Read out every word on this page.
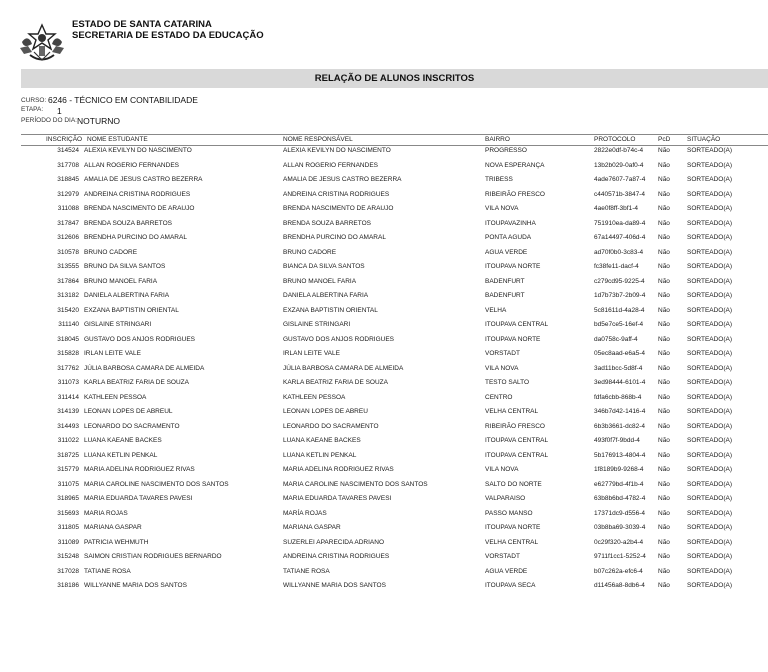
ESTADO DE SANTA CATARINA
SECRETARIA DE ESTADO DA EDUCAÇÃO
RELAÇÃO DE ALUNOS INSCRITOS
CURSO: 6246 - TÉCNICO EM CONTABILIDADE
ETAPA: 1
PERÍODO DO DIA: NOTURNO
INSCRIÇÃO NOME ESTUDANTE	NOME RESPONSÁVEL	BAIRRO	PROTOCOLO	PcD	SITUAÇÃO
314524 ALEXIA KEVILYN DO NASCIMENTO	ALEXIA KEVILYN DO NASCIMENTO	PROGRESSO	2822e0df-b74c-4 Não	SORTEADO(A)
317708 ALLAN ROGERIO FERNANDES	ALLAN ROGERIO FERNANDES	NOVA ESPERANÇA	13b2b029-0af0-4 Não	SORTEADO(A)
318845 AMALIA DE JESUS CASTRO BEZERRA	AMALIA DE JESUS CASTRO BEZERRA	TRIBESS	4ade7607-7a87-4 Não	SORTEADO(A)
312979 ANDREINA CRISTINA RODRIGUES	ANDREINA CRISTINA RODRIGUES	RIBEIRÃO FRESCO	c440571b-3847-4 Não	SORTEADO(A)
311088 BRENDA NASCIMENTO DE ARAUJO	BRENDA NASCIMENTO DE ARAUJO	VILA NOVA	4ae0f8ff-3bf1-4	Não	SORTEADO(A)
317847 BRENDA SOUZA BARRETOS	BRENDA SOUZA BARRETOS	ITOUPAVAZINHA	751910ea-da89-4 Não	SORTEADO(A)
312606 BRENDHA PURCINO DO AMARAL	BRENDHA PURCINO DO AMARAL	PONTA AGUDA	67a14497-406d-4 Não	SORTEADO(A)
310578 BRUNO CADORE	BRUNO CADORE	AGUA VERDE	ad70f0b0-3c83-4 Não	SORTEADO(A)
313555 BRUNO DA SILVA SANTOS	BIANCA DA SILVA SANTOS	ITOUPAVA NORTE	fc38fe11-dacf-4	Não	SORTEADO(A)
317864 BRUNO MANOEL FARIA	BRUNO MANOEL FARIA	BADENFURT	c279cd95-9225-4 Não	SORTEADO(A)
313182 DANIELA ALBERTINA FARIA	DANIELA ALBERTINA FARIA	BADENFURT	1d7b73b7-2b09-4 Não	SORTEADO(A)
315420 EXZANA BAPTISTIN ORIENTAL	EXZANA BAPTISTIN ORIENTAL	VELHA	5c81611d-4a28-4 Não	SORTEADO(A)
311140 GISLAINE STRINGARI	GISLAINE STRINGARI	ITOUPAVA CENTRAL	bd5e7ce5-16ef-4 Não	SORTEADO(A)
318045 GUSTAVO DOS ANJOS RODRIGUES	GUSTAVO DOS ANJOS RODRIGUES	ITOUPAVA NORTE	da0758c-9aff-4	Não	SORTEADO(A)
315828 IRLAN LEITE VALE	IRLAN LEITE VALE	VORSTADT	05ec8aad-e6a5-4 Não	SORTEADO(A)
317762 JÚLIA BARBOSA CAMARA DE ALMEIDA	JÚLIA BARBOSA CAMARA DE ALMEIDA	VILA NOVA	3ad11bcc-5d8f-4 Não	SORTEADO(A)
311073 KARLA BEATRIZ FARIA DE SOUZA	KARLA BEATRIZ FARIA DE SOUZA	TESTO SALTO	3ed98444-6101-4 Não	SORTEADO(A)
311414 KATHLEEN PESSOA	KATHLEEN PESSOA	CENTRO	fdfa6cbb-868b-4	Não	SORTEADO(A)
314139 LEONAN LOPES DE ABREUL	LEONAN LOPES DE ABREU	VELHA CENTRAL	346b7d42-1416-4 Não	SORTEADO(A)
314493 LEONARDO DO SACRAMENTO	LEONARDO DO SACRAMENTO	RIBEIRÃO FRESCO	6b3b3661-dc82-4 Não	SORTEADO(A)
311022 LUANA KAEANE BACKES	LUANA KAEANE BACKES	ITOUPAVA CENTRAL	493f0f7f-9bdd-4	Não	SORTEADO(A)
318725 LUANA KETLIN PENKAL	LUANA KETLIN PENKAL	ITOUPAVA CENTRAL	5b176913-4804-4 Não	SORTEADO(A)
315779 MARIA ADELINA RODRIGUEZ RIVAS	MARIA ADELINA RODRIGUEZ RIVAS	VILA NOVA	1f8189b9-9268-4 Não	SORTEADO(A)
311075 MARIA CAROLINE NASCIMENTO DOS SANTOS	MARIA CAROLINE NASCIMENTO DOS SANTOS	SALTO DO NORTE	e62779bd-4f1b-4 Não	SORTEADO(A)
318965 MARIA EDUARDA TAVARES PAVESI	MARIA EDUARDA TAVARES PAVESI	VALPARAISO	63b8b6bd-4782-4 Não	SORTEADO(A)
315693 MARIA ROJAS	MARÍA ROJAS	PASSO MANSO	17371dc9-d556-4 Não	SORTEADO(A)
311805 MARIANA GASPAR	MARIANA GASPAR	ITOUPAVA NORTE	03b8ba69-3039-4 Não	SORTEADO(A)
311089 PATRICIA WEHMUTH	SUZERLEI APARECIDA ADRIANO	VELHA CENTRAL	0c29f320-a2b4-4 Não	SORTEADO(A)
315248 SAIMON CRISTIAN RODRIGUES BERNARDO	ANDREINA CRISTINA RODRIGUES	VORSTADT	9711f1cc1-5252-4 Não	SORTEADO(A)
317028 TATIANE ROSA	TATIANE ROSA	AGUA VERDE	b07c262a-efc6-4 Não	SORTEADO(A)
318186 WILLYANNE MARIA DOS SANTOS	WILLYANNE MARIA DOS SANTOS	ITOUPAVA SECA	d11456a8-8db6-4 Não	SORTEADO(A)
